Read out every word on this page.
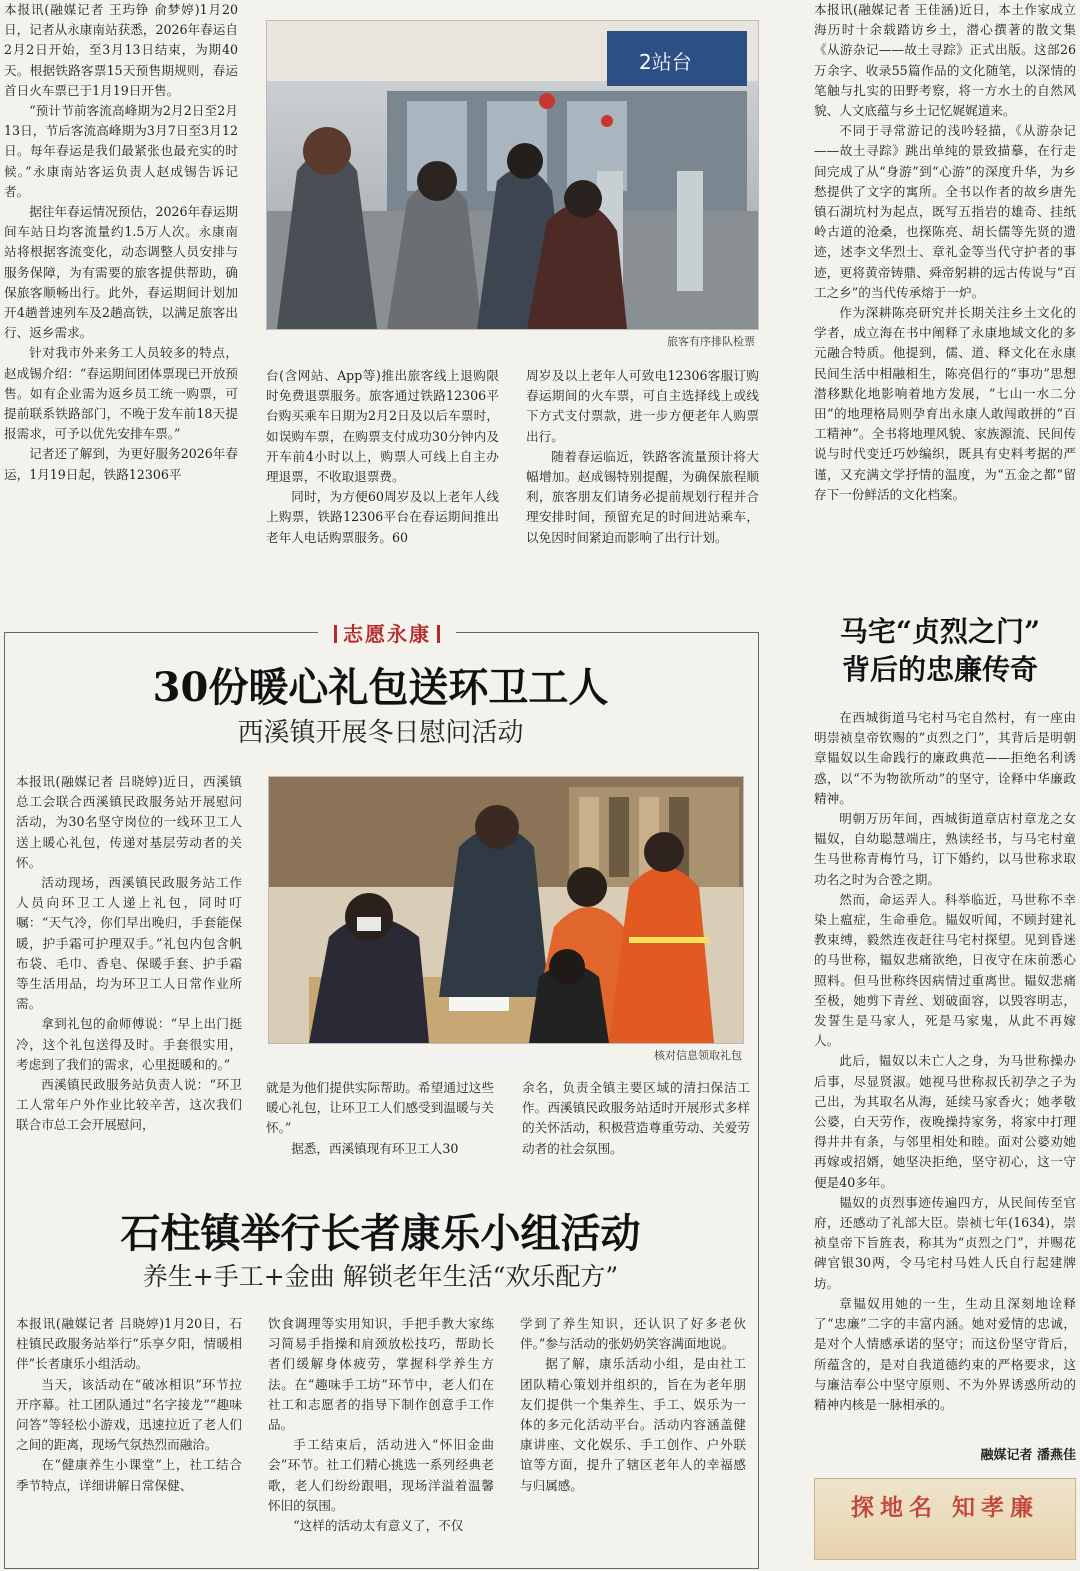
本报讯(融媒记者 王玙铮 俞梦婷)1月20日，记者从永康南站获悉，2026年春运自2月2日开始，至3月13日结束，为期40天。根据铁路客票15天预售期规则，春运首日火车票已于1月19日开售。

“预计节前客流高峰期为2月2日至2月13日，节后客流高峰期为3月7日至3月12日。每年春运是我们最紧张也最充实的时候。”永康南站客运负责人赵成锡告诉记者。

据往年春运情况预估，2026年春运期间车站日均客流量约1.5万人次。永康南站将根据客流变化，动态调整人员安排与服务保障，为有需要的旅客提供帮助，确保旅客顺畅出行。此外，春运期间计划加开4趟普速列车及2趟高铁，以满足旅客出行、返乡需求。

针对我市外来务工人员较多的特点，赵成锡介绍：“春运期间团体票现已开放预售。如有企业需为返乡员工统一购票，可提前联系铁路部门，不晚于发车前18天提报需求，可予以优先安排车票。”

记者还了解到，为更好服务2026年春运，1月19日起，铁路12306平

2站台
旅客有序排队检票

台(含网站、App等)推出旅客线上退购限时免费退票服务。旅客通过铁路12306平台购买乘车日期为2月2日及以后车票时，如误购车票，在购票支付成功30分钟内及开车前4小时以上，购票人可线上自主办理退票，不收取退票费。

同时，为方便60周岁及以上老年人线上购票，铁路12306平台在春运期间推出老年人电话购票服务。60

周岁及以上老年人可致电12306客服订购春运期间的火车票，可自主选择线上或线下方式支付票款，进一步方便老年人购票出行。

随着春运临近，铁路客流量预计将大幅增加。赵成锡特别提醒，为确保旅程顺利，旅客朋友们请务必提前规划行程并合理安排时间，预留充足的时间进站乘车，以免因时间紧迫而影响了出行计划。

本报讯(融媒记者 王佳涵)近日，本土作家成立海历时十余载踏访乡土，潜心撰著的散文集《从游杂记——故土寻踪》正式出版。这部26万余字、收录55篇作品的文化随笔，以深情的笔触与扎实的田野考察，将一方水土的自然风貌、人文底蕴与乡土记忆娓娓道来。

不同于寻常游记的浅吟轻描，《从游杂记——故土寻踪》跳出单纯的景致描摹，在行走间完成了从“身游”到“心游”的深度升华，为乡愁提供了文字的寓所。全书以作者的故乡唐先镇石湖坑村为起点，既写五指岩的雄奇、挂纸岭古道的沧桑，也探陈亮、胡长儒等先贤的遗迹，述李文华烈士、章礼金等当代守护者的事迹，更将黄帝铸鼎、舜帝躬耕的远古传说与“百工之乡”的当代传承熔于一炉。

作为深耕陈亮研究并长期关注乡土文化的学者，成立海在书中阐释了永康地域文化的多元融合特质。他提到，儒、道、释文化在永康民间生活中相融相生，陈亮倡行的“事功”思想潜移默化地影响着地方发展，“七山一水二分田”的地理格局则孕育出永康人敢闯敢拼的“百工精神”。全书将地理风貌、家族源流、民间传说与时代变迁巧妙编织，既具有史料考据的严谨，又充满文学抒情的温度，为“五金之都”留存下一份鲜活的文化档案。

志愿永康
30份暖心礼包送环卫工人
西溪镇开展冬日慰问活动

本报讯(融媒记者 吕晓婷)近日，西溪镇总工会联合西溪镇民政服务站开展慰问活动，为30名坚守岗位的一线环卫工人送上暖心礼包，传递对基层劳动者的关怀。

活动现场，西溪镇民政服务站工作人员向环卫工人递上礼包，同时叮嘱：“天气冷，你们早出晚归，手套能保暖，护手霜可护理双手。”礼包内包含帆布袋、毛巾、香皂、保暖手套、护手霜等生活用品，均为环卫工人日常作业所需。

拿到礼包的俞师傅说：“早上出门挺冷，这个礼包送得及时。手套很实用，考虑到了我们的需求，心里挺暖和的。”

西溪镇民政服务站负责人说：“环卫工人常年户外作业比较辛苦，这次我们联合市总工会开展慰问，

核对信息领取礼包

就是为他们提供实际帮助。希望通过这些暖心礼包，让环卫工人们感受到温暖与关怀。”

据悉，西溪镇现有环卫工人30

余名，负责全镇主要区域的清扫保洁工作。西溪镇民政服务站适时开展形式多样的关怀活动，积极营造尊重劳动、关爱劳动者的社会氛围。

石柱镇举行长者康乐小组活动
养生+手工+金曲 解锁老年生活“欢乐配方”

本报讯(融媒记者 吕晓婷)1月20日，石柱镇民政服务站举行“乐享夕阳，情暖相伴”长者康乐小组活动。

当天，该活动在“破冰相识”环节拉开序幕。社工团队通过“名字接龙”“趣味问答”等轻松小游戏，迅速拉近了老人们之间的距离，现场气氛热烈而融洽。

在“健康养生小课堂”上，社工结合季节特点，详细讲解日常保健、

饮食调理等实用知识，手把手教大家练习简易手指操和肩颈放松技巧，帮助长者们缓解身体疲劳，掌握科学养生方法。在“趣味手工坊”环节中，老人们在社工和志愿者的指导下制作创意手工作品。

手工结束后，活动进入“怀旧金曲会”环节。社工们精心挑选一系列经典老歌，老人们纷纷跟唱，现场洋溢着温馨怀旧的氛围。

“这样的活动太有意义了，不仅

学到了养生知识，还认识了好多老伙伴。”参与活动的张奶奶笑容满面地说。

据了解，康乐活动小组，是由社工团队精心策划并组织的，旨在为老年朋友们提供一个集养生、手工、娱乐为一体的多元化活动平台。活动内容涵盖健康讲座、文化娱乐、手工创作、户外联谊等方面，提升了辖区老年人的幸福感与归属感。

马宅“贞烈之门”
背后的忠廉传奇

在西城街道马宅村马宅自然村，有一座由明崇祯皇帝钦赐的“贞烈之门”，其背后是明朝章韫奴以生命践行的廉政典范——拒绝名利诱惑，以“不为物欲所动”的坚守，诠释中华廉政精神。

明朝万历年间，西城街道章店村章龙之女韫奴，自幼聪慧端庄，熟读经书，与马宅村童生马世称青梅竹马，订下婚约，以马世称求取功名之时为合卺之期。

然而，命运弄人。科举临近，马世称不幸染上瘟症，生命垂危。韫奴听闻，不顾封建礼教束缚，毅然连夜赶往马宅村探望。见到昏迷的马世称，韫奴悲痛欲绝，日夜守在床前悉心照料。但马世称终因病情过重离世。韫奴悲痛至极，她剪下青丝、划破面容，以毁容明志，发誓生是马家人，死是马家鬼，从此不再嫁人。

此后，韫奴以未亡人之身，为马世称操办后事，尽显贤淑。她视马世称叔氏初孕之子为己出，为其取名从海，延续马家香火；她孝敬公婆，白天劳作，夜晚操持家务，将家中打理得井井有条，与邻里相处和睦。面对公婆劝她再嫁或招婿，她坚决拒绝，坚守初心，这一守便是40多年。

韫奴的贞烈事迹传遍四方，从民间传至官府，还感动了礼部大臣。崇祯七年(1634)，崇祯皇帝下旨旌表，称其为“贞烈之门”，并赐花碑官银30两，令马宅村马姓人氏自行起建牌坊。

章韫奴用她的一生，生动且深刻地诠释了“忠廉”二字的丰富内涵。她对爱情的忠诚，是对个人情感承诺的坚守；而这份坚守背后，所蕴含的，是对自我道德约束的严格要求，这与廉洁奉公中坚守原则、不为外界诱惑所动的精神内核是一脉相承的。

融媒记者 潘燕佳
探地名 知孝廉
